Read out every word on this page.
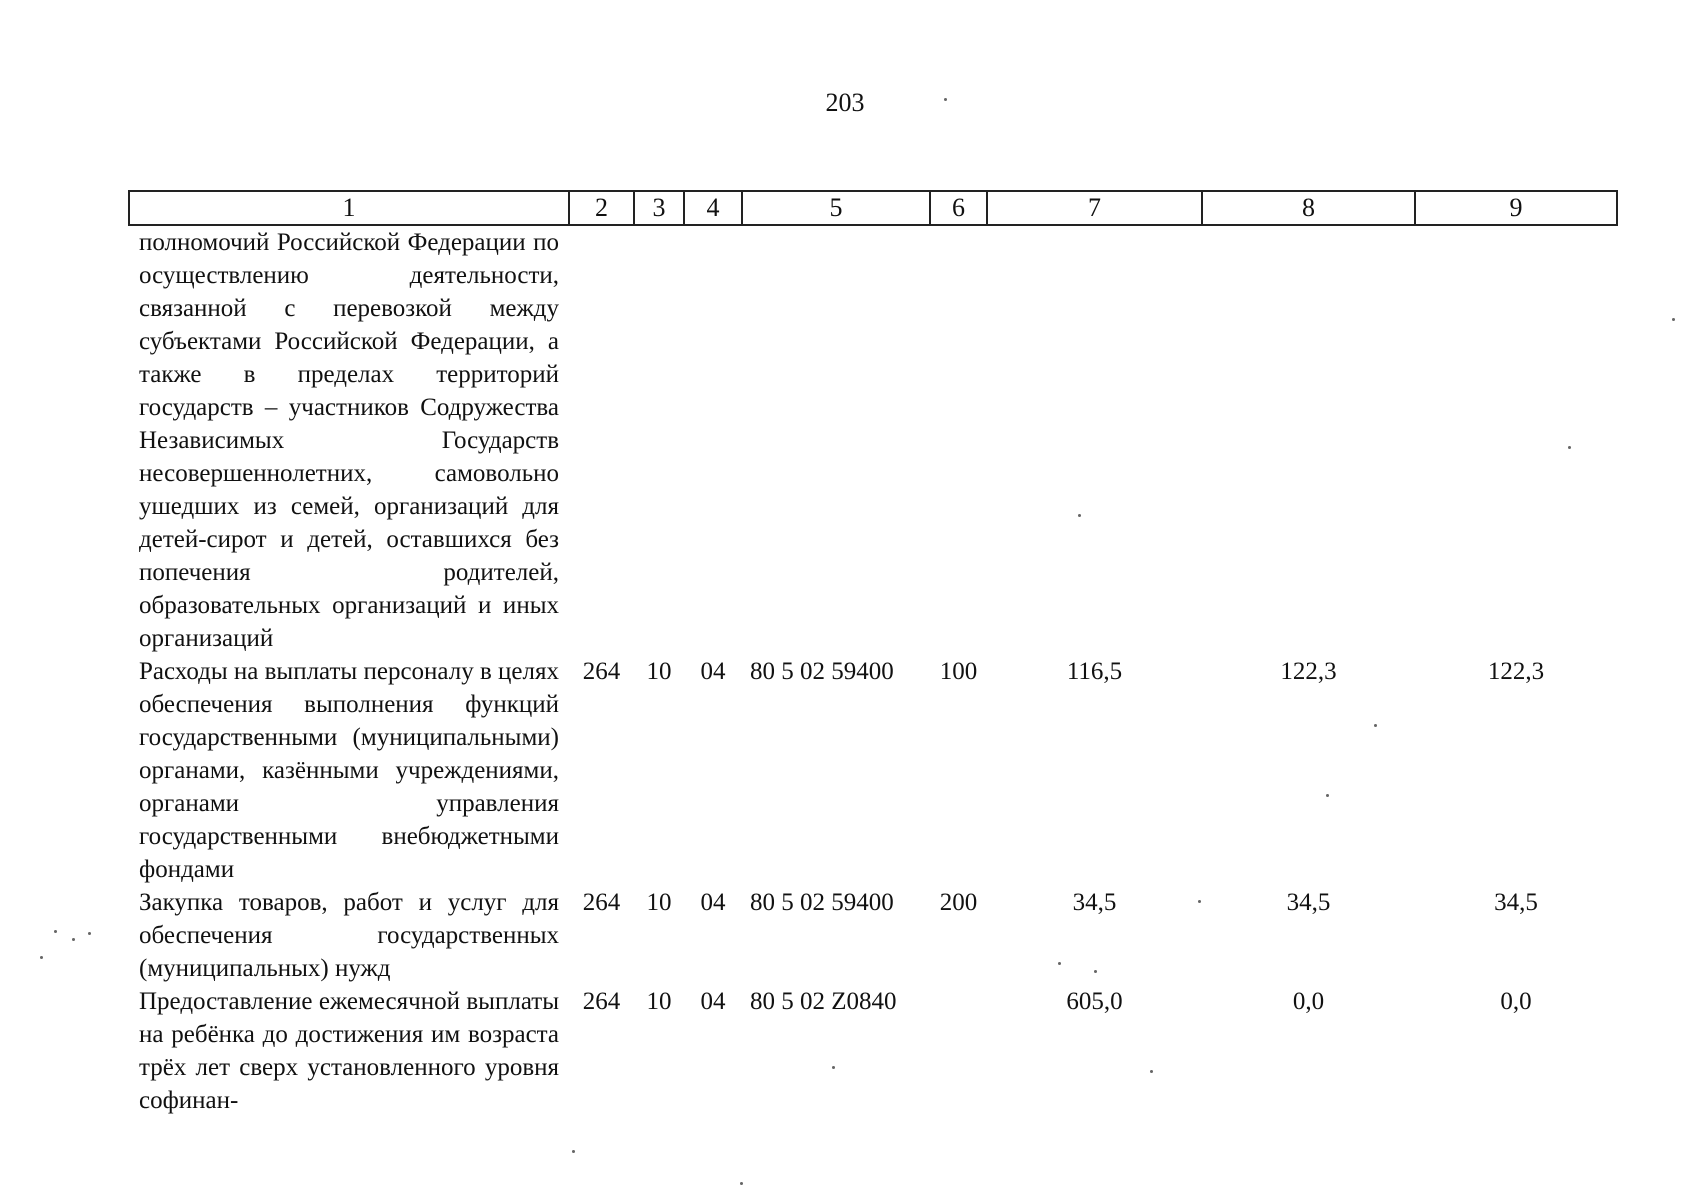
203
1	2	3	4	5	6	7	8	9
полномочий Российской Федерации по осуществлению деятельности, связанной с перевозкой между субъектами Российской Федерации, а также в пределах территорий государств – участников Содружества Независимых Государств несовершеннолетних, самовольно ушедших из семей, организаций для детей-сирот и детей, оставшихся без попечения родителей, образовательных организаций и иных организаций								
Расходы на выплаты персоналу в целях обеспечения выполнения функций государственными (муниципальными) органами, казёнными учреждениями, органами управления государственными внебюджетными фондами	264	10	04	80 5 02 59400	100	116,5	122,3	122,3
Закупка товаров, работ и услуг для обеспечения государственных (муниципальных) нужд	264	10	04	80 5 02 59400	200	34,5	34,5	34,5
Предоставление ежемесячной выплаты на ребёнка до достижения им возраста трёх лет сверх установленного уровня софинан-	264	10	04	80 5 02 Z0840		605,0	0,0	0,0
